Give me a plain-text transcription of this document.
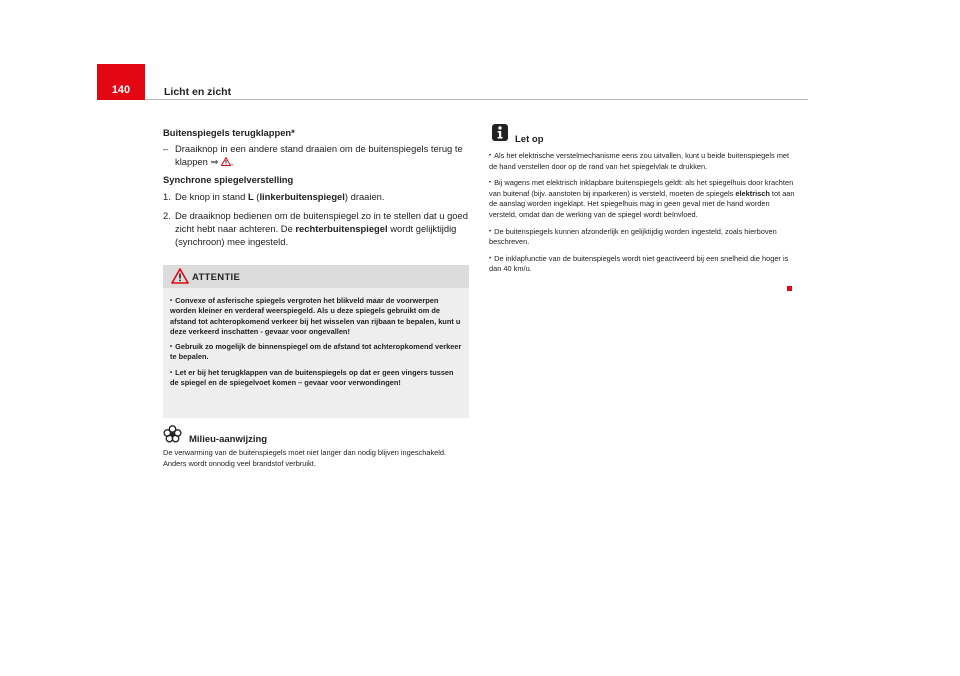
140	Licht en zicht
Buitenspiegels terugklappen*
– Draaiknop in een andere stand draaien om de buitenspiegels terug te klappen ⇒ .
Synchrone spiegelverstelling
1. De knop in stand L (linkerbuitenspiegel) draaien.
2. De draaiknop bedienen om de buitenspiegel zo in te stellen dat u goed zicht hebt naar achteren. De rechterbuitenspiegel wordt gelijktijdig (synchroon) mee ingesteld.
ATTENTIE

• Convexe of asferische spiegels vergroten het blikveld maar de voorwerpen worden kleiner en verderaf weerspiegeld. Als u deze spiegels gebruikt om de afstand tot achteropkomend verkeer bij het wisselen van rijbaan te bepalen, kunt u deze verkeerd inschatten - gevaar voor ongevallen!

• Gebruik zo mogelijk de binnenspiegel om de afstand tot achteropkomend verkeer te bepalen.

• Let er bij het terugklappen van de buitenspiegels op dat er geen vingers tussen de spiegel en de spiegelvoet komen – gevaar voor verwondingen!

Milieu-aanwijzing
De verwarming van de buitenspiegels moet niet langer dan nodig blijven ingeschakeld. Anders wordt onnodig veel brandstof verbruikt.
Let op

• Als het elektrische verstelmechanisme eens zou uitvallen, kunt u beide buitenspiegels met de hand verstellen door op de rand van het spiegelvlak te drukken.

• Bij wagens met elektrisch inklapbare buitenspiegels geldt: als het spiegelhuis door krachten van buitenaf (bijv. aanstoten bij inparkeren) is versteld, moeten de spiegels elektrisch tot aan de aanslag worden ingeklapt. Het spiegelhuis mag in geen geval met de hand worden versteld, omdat dan de werking van de spiegel wordt beïnvloed.

• De buitenspiegels kunnen afzonderlijk en gelijktijdig worden ingesteld, zoals hierboven beschreven.

• De inklapfunctie van de buitenspiegels wordt niet geactiveerd bij een snelheid die hoger is dan 40 km/u.
